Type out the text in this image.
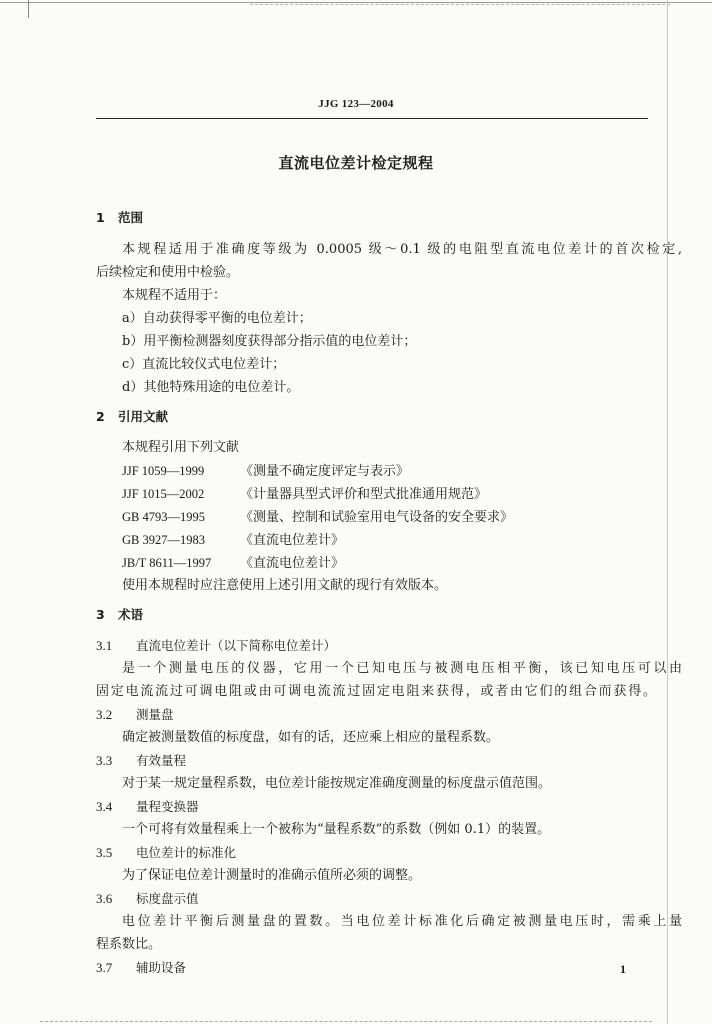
JJG 123—2004
直流电位差计检定规程
1 范围
本规程适用于准确度等级为 0.0005 级～0.1 级的电阻型直流电位差计的首次检定,
后续检定和使用中检验。
本规程不适用于：
a）自动获得零平衡的电位差计；
b）用平衡检测器刻度获得部分指示值的电位差计；
c）直流比较仪式电位差计；
d）其他特殊用途的电位差计。
2 引用文献
本规程引用下列文献
JJF 1059—1999	《测量不确定度评定与表示》
JJF 1015—2002	《计量器具型式评价和型式批准通用规范》
GB 4793—1995	《测量、控制和试验室用电气设备的安全要求》
GB 3927—1983	《直流电位差计》
JB/T 8611—1997 《直流电位差计》
使用本规程时应注意使用上述引用文献的现行有效版本。
3 术语
3.1 直流电位差计（以下简称电位差计）
是一个测量电压的仪器，它用一个已知电压与被测电压相平衡，该已知电压可以由
固定电流流过可调电阻或由可调电流流过固定电阻来获得，或者由它们的组合而获得。
3.2 测量盘
确定被测量数值的标度盘，如有的话，还应乘上相应的量程系数。
3.3 有效量程
对于某一规定量程系数，电位差计能按规定准确度测量的标度盘示值范围。
3.4 量程变换器
一个可将有效量程乘上一个被称为“量程系数”的系数（例如 0.1）的装置。
3.5 电位差计的标准化
为了保证电位差计测量时的准确示值所必须的调整。
3.6 标度盘示值
电位差计平衡后测量盘的置数。当电位差计标准化后确定被测量电压时，需乘上量
程系数比。
3.7 辅助设备	1
